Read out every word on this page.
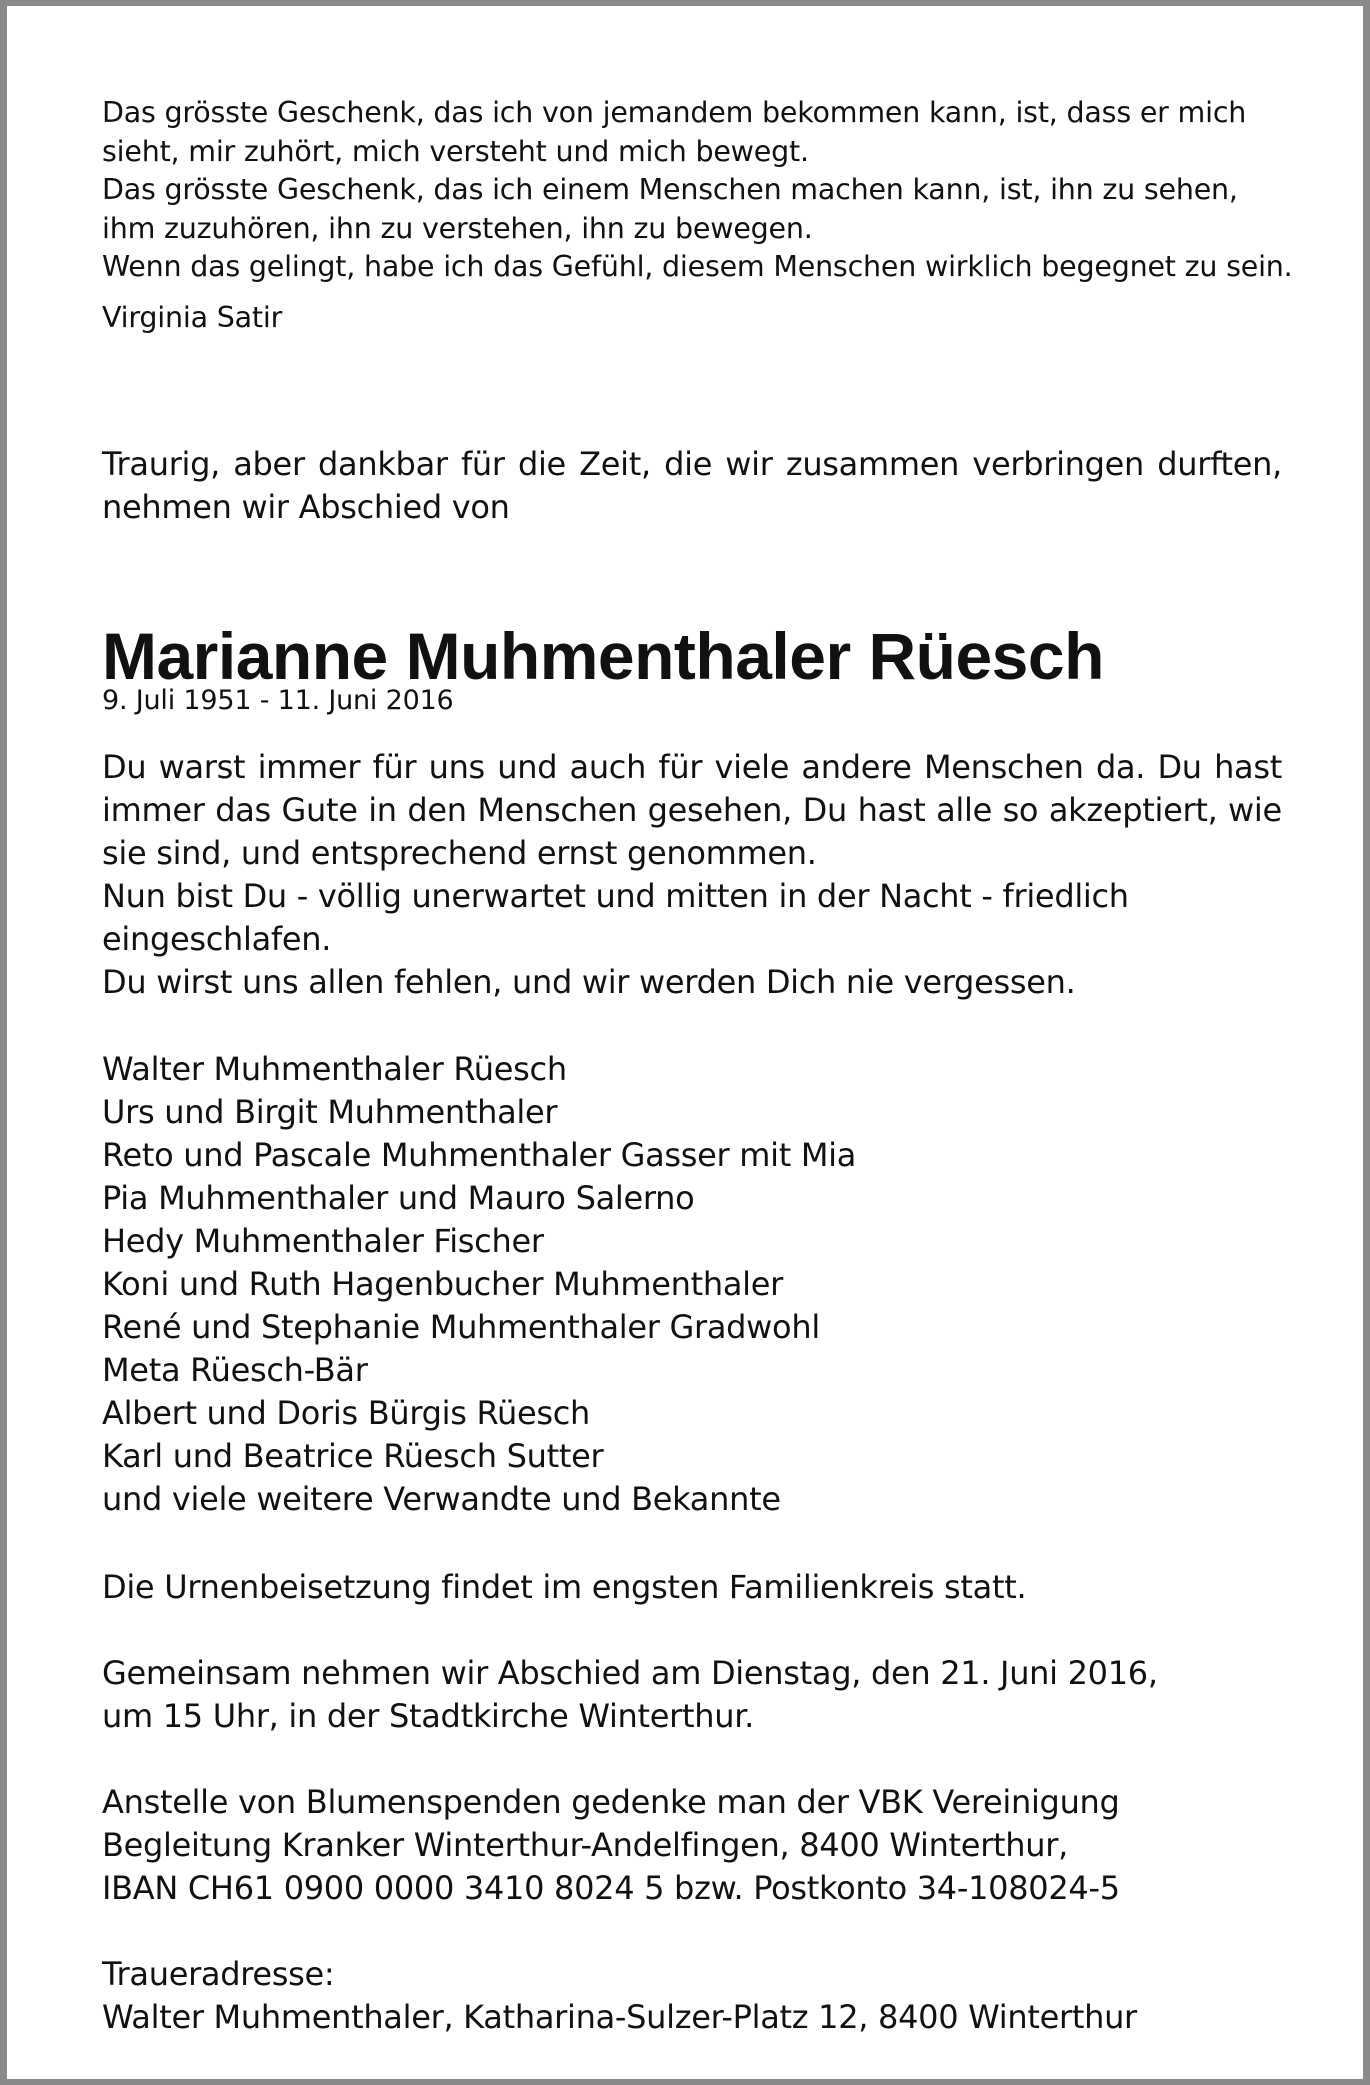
Das grösste Geschenk, das ich von jemandem bekommen kann, ist, dass er mich

sieht, mir zuhört, mich versteht und mich bewegt.

Das grösste Geschenk, das ich einem Menschen machen kann, ist, ihn zu sehen,

ihm zuzuhören, ihn zu verstehen, ihn zu bewegen.

Wenn das gelingt, habe ich das Gefühl, diesem Menschen wirklich begegnet zu sein.

Virginia Satir

Traurig, aber dankbar für die Zeit, die wir zusammen verbringen durften,

nehmen wir Abschied von

Marianne Muhmenthaler Rüesch

9. Juli 1951 - 11. Juni 2016

Du warst immer für uns und auch für viele andere Menschen da. Du hast
immer das Gute in den Menschen gesehen, Du hast alle so akzeptiert, wie

sie sind, und entsprechend ernst genommen.

Nun bist Du - völlig unerwartet und mitten in der Nacht - friedlich

eingeschlafen.

Du wirst uns allen fehlen, und wir werden Dich nie vergessen.

Walter Muhmenthaler Rüesch

Urs und Birgit Muhmenthaler

Reto und Pascale Muhmenthaler Gasser mit Mia

Pia Muhmenthaler und Mauro Salerno

Hedy Muhmenthaler Fischer

Koni und Ruth Hagenbucher Muhmenthaler

René und Stephanie Muhmenthaler Gradwohl

Meta Rüesch-Bär

Albert und Doris Bürgis Rüesch

Karl und Beatrice Rüesch Sutter

und viele weitere Verwandte und Bekannte

Die Urnenbeisetzung findet im engsten Familienkreis statt.

Gemeinsam nehmen wir Abschied am Dienstag, den 21. Juni 2016,

um 15 Uhr, in der Stadtkirche Winterthur.

Anstelle von Blumenspenden gedenke man der VBK Vereinigung

Begleitung Kranker Winterthur-Andelfingen, 8400 Winterthur,

IBAN CH61 0900 0000 3410 8024 5 bzw. Postkonto 34-108024-5

Traueradresse:

Walter Muhmenthaler, Katharina-Sulzer-Platz 12, 8400 Winterthur
